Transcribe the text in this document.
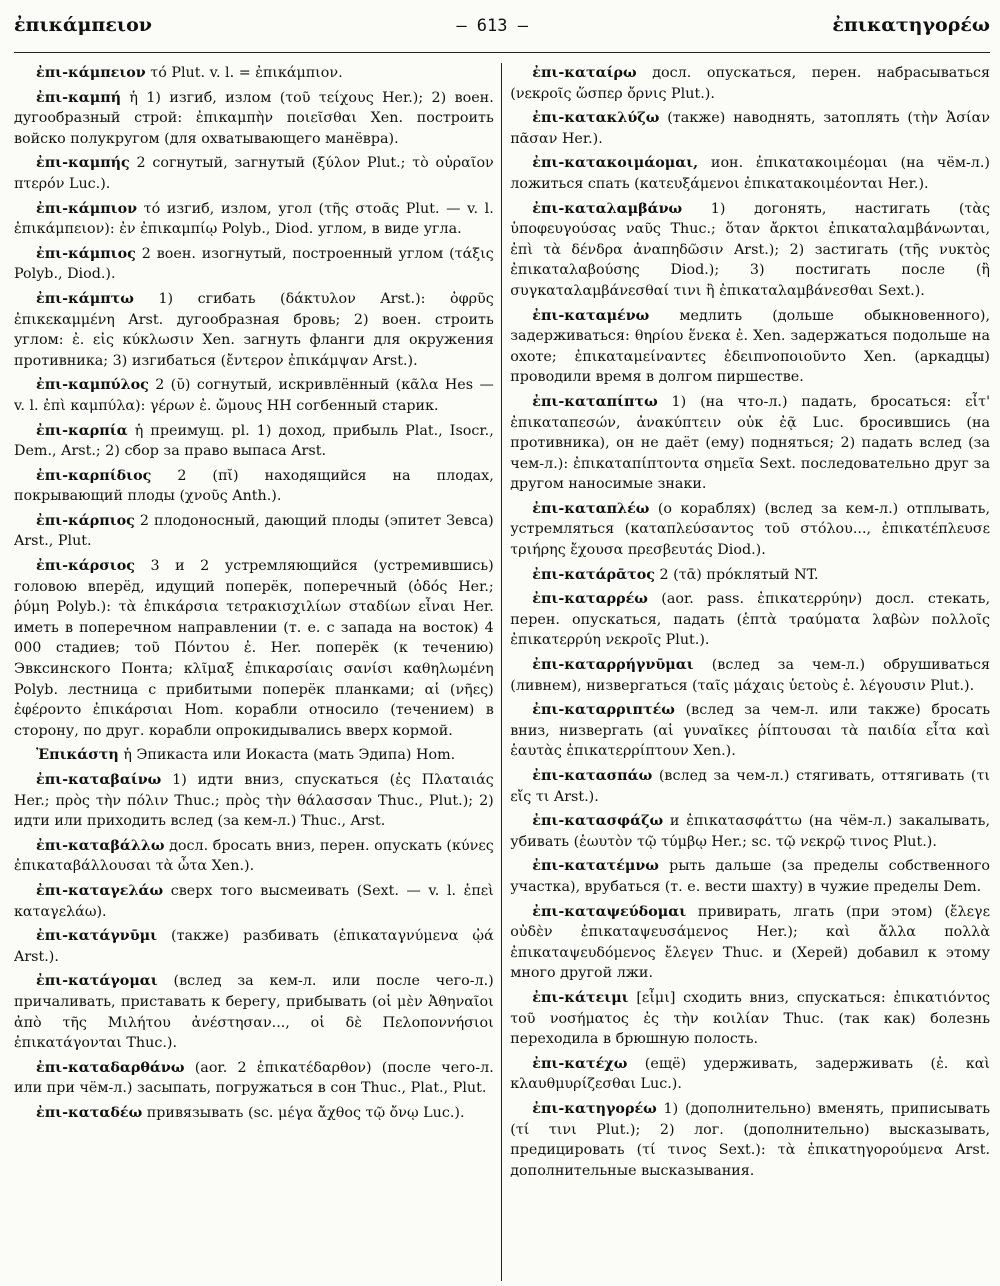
ἐπικάμπειον	— 613 —	ἐπικατηγορέω

ἐπι-κάμπειον τό Plut. v. l. = ἐπικάμπιον.

ἐπι-καμπή ἡ 1) изгиб, излом (τοῦ τείχους Her.); 2) воен. дугообразный строй: ἐπικαμπὴν ποιεῖσθαι Xen. построить войско полукругом (для охватывающего манёвра).

ἐπι-καμπής 2 согнутый, загнутый (ξύλον Plut.; τὸ οὐραῖον πτερόν Luc.).

ἐπι-κάμπιον τό изгиб, излом, угол (τῆς στοᾶς Plut. — v. l. ἐπικάμπειον): ἐν ἐπικαμπίῳ Polyb., Diod. углом, в виде угла.

ἐπι-κάμπιος 2 воен. изогнутый, построенный углом (τάξις Polyb., Diod.).

ἐπι-κάμπτω 1) сгибать (δάκτυλον Arst.): ὀφρῦς ἐπικεκαμμένη Arst. дугообразная бровь; 2) воен. строить углом: ἐ. εἰς κύκλωσιν Xen. загнуть фланги для окружения противника; 3) изгибаться (ἔντερον ἐπικάμψαν Arst.).

ἐπι-καμπύλος 2 (ῠ) согнутый, искривлённый (κᾶλα Hes — v. l. ἐπὶ καμπύλα): γέρων ἐ. ὤμους HH согбенный старик.

ἐπι-καρπία ἡ преимущ. pl. 1) доход, прибыль Plat., Isocr., Dem., Arst.; 2) сбор за право выпаса Arst.

ἐπι-καρπίδιος 2 (πῐ) находящийся на плодах, покрывающий плоды (χνοῦς Anth.).

ἐπι-κάρπιος 2 плодоносный, дающий плоды (эпитет Зевса) Arst., Plut.

ἐπι-κάρσιος 3 и 2 устремляющийся (устремившись) головою вперёд, идущий поперёк, поперечный (ὁδός Her.; ῥύμη Polyb.): τὰ ἐπικάρσια τετρακισχιλίων σταδίων εἶναι Her. иметь в поперечном направлении (т. е. с запада на восток) 4 000 стадиев; τοῦ Πόντου ἐ. Her. поперёк (к течению) Эвксинского Понта; κλῖμαξ ἐπικαρσίαις σανίσι καθηλωμένη Polyb. лестница с прибитыми поперёк планками; αἱ (νῆες) ἐφέροντο ἐπικάρσιαι Hom. корабли относило (течением) в сторону, по друг. корабли опрокидывались вверх кормой.

Ἐπικάστη ἡ Эпикаста или Иокаста (мать Эдипа) Hom.

ἐπι-καταβαίνω 1) идти вниз, спускаться (ἐς Πλαταιάς Her.; πρὸς τὴν πόλιν Thuc.; πρὸς τὴν θάλασσαν Thuc., Plut.); 2) идти или приходить вслед (за кем-л.) Thuc., Arst.

ἐπι-καταβάλλω досл. бросать вниз, перен. опускать (κύνες ἐπικαταβάλλουσαι τὰ ὦτα Xen.).

ἐπι-καταγελάω сверх того высмеивать (Sext. — v. l. ἐπεὶ καταγελάω).

ἐπι-κατάγνῡμι (также) разбивать (ἐπικαταγνύμενα ᾠά Arst.).

ἐπι-κατάγομαι (вслед за кем-л. или после чего-л.) причаливать, приставать к берегу, прибывать (οἱ μὲν Ἀθηναῖοι ἀπὸ τῆς Μιλήτου ἀνέστησαν..., οἱ δὲ Πελοποννήσιοι ἐπικατάγονται Thuc.).

ἐπι-καταδαρθάνω (aor. 2 ἐπικατέδαρθον) (после чего-л. или при чём-л.) засыпать, погружаться в сон Thuc., Plat., Plut.

ἐπι-καταδέω привязывать (sc. μέγα ἄχθος τῷ ὄνῳ Luc.).

ἐπι-καταίρω досл. опускаться, перен. набрасываться (νεκροῖς ὥσπερ ὄρνις Plut.).

ἐπι-κατακλύζω (также) наводнять, затоплять (τὴν Ἀσίαν πᾶσαν Her.).

ἐπι-κατακοιμάομαι, ион. ἐπικατακοιμέομαι (на чём-л.) ложиться спать (κατευξάμενοι ἐπικατακοιμέονται Her.).

ἐπι-καταλαμβάνω 1) догонять, настигать (τὰς ὑποφευγούσας ναῦς Thuc.; ὅταν ἄρκτοι ἐπικαταλαμβάνωνται, ἐπὶ τὰ δένδρα ἀναπηδῶσιν Arst.); 2) застигать (τῆς νυκτὸς ἐπικαταλαβούσης Diod.); 3) постигать после (ἢ συγκαταλαμβάνεσθαί τινι ἢ ἐπικαταλαμβάνεσθαι Sext.).

ἐπι-καταμένω медлить (дольше обыкновенного), задерживаться: θηρίου ἕνεκα ἐ. Xen. задержаться подольше на охоте; ἐπικαταμείναντες ἐδειπνοποιοῦντο Xen. (аркадцы) проводили время в долгом пиршестве.

ἐπι-καταπίπτω 1) (на что-л.) падать, бросаться: εἶτ' ἐπικαταπεσών, ἀνακύπτειν οὐκ ἐᾷ Luc. бросившись (на противника), он не даёт (ему) подняться; 2) падать вслед (за чем-л.): ἐπικαταπίπτοντα σημεῖα Sext. последовательно друг за другом наносимые знаки.

ἐπι-καταπλέω (о кораблях) (вслед за кем-л.) отплывать, устремляться (καταπλεύσαντος τοῦ στόλου..., ἐπικατέπλευσε τριήρης ἔχουσα πρεσβευτάς Diod.).

ἐπι-κατάρᾱτος 2 (τᾱ) прóклятый NT.

ἐπι-καταρρέω (aor. pass. ἐπικατερρύην) досл. стекать, перен. опускаться, падать (ἑπτὰ τραύματα λαβὼν πολλοῖς ἐπικατερρύη νεκροῖς Plut.).

ἐπι-καταρρήγνῡμαι (вслед за чем-л.) обрушиваться (ливнем), низвергаться (ταῖς μάχαις ὑετοὺς ἐ. λέγουσιν Plut.).

ἐπι-καταρριπτέω (вслед за чем-л. или также) бросать вниз, низвергать (αἱ γυναῖκες ῥίπτουσαι τὰ παιδία εἶτα καὶ ἑαυτὰς ἐπικατερρίπτουν Xen.).

ἐπι-κατασπάω (вслед за чем-л.) стягивать, оттягивать (τι εἴς τι Arst.).

ἐπι-κατασφάζω и ἐπικατασφάττω (на чём-л.) закалывать, убивать (ἑωυτὸν τῷ τύμβῳ Her.; sc. τῷ νεκρῷ τινος Plut.).

ἐπι-κατατέμνω рыть дальше (за пределы собственного участка), врубаться (т. е. вести шахту) в чужие пределы Dem.

ἐπι-καταψεύδομαι привирать, лгать (при этом) (ἔλεγε οὐδὲν ἐπικαταψευσάμενος Her.); καὶ ἄλλα πολλὰ ἐπικαταψευδόμενος ἔλεγεν Thuc. и (Херей) добавил к этому много другой лжи.

ἐπι-κάτειμι [εἶμι] сходить вниз, спускаться: ἐπικατιόντος τοῦ νοσήματος ἐς τὴν κοιλίαν Thuc. (так как) болезнь переходила в брюшную полость.

ἐπι-κατέχω (ещё) удерживать, задерживать (ἐ. καὶ κλαυθμυρίζεσθαι Luc.).

ἐπι-κατηγορέω 1) (дополнительно) вменять, приписывать (τί τινι Plut.); 2) лог. (дополнительно) высказывать, предицировать (τί τινος Sext.): τὰ ἐπικατηγορούμενα Arst. дополнительные высказывания.
